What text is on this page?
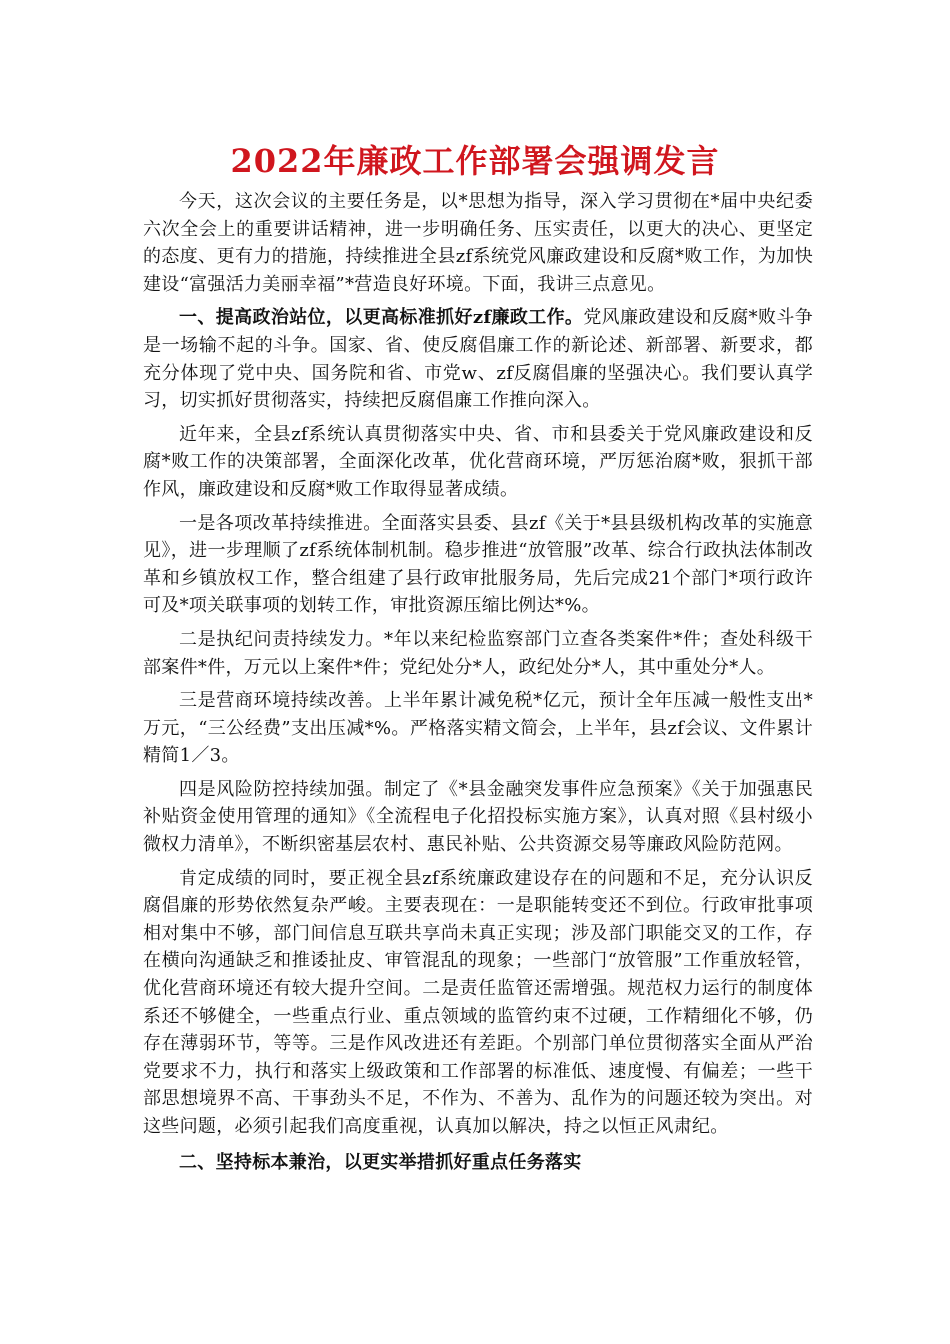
2022年廉政工作部署会强调发言

今天，这次会议的主要任务是，以*思想为指导，深入学习贯彻在*届中央纪委六次全会上的重要讲话精神，进一步明确任务、压实责任，以更大的决心、更坚定的态度、更有力的措施，持续推进全县zf系统党风廉政建设和反腐*败工作，为加快建设“富强活力美丽幸福”*营造良好环境。下面，我讲三点意见。

一、提高政治站位，以更高标准抓好zf廉政工作。党风廉政建设和反腐*败斗争是一场输不起的斗争。国家、省、使反腐倡廉工作的新论述、新部署、新要求，都充分体现了党中央、国务院和省、市党w、zf反腐倡廉的坚强决心。我们要认真学习，切实抓好贯彻落实，持续把反腐倡廉工作推向深入。

近年来，全县zf系统认真贯彻落实中央、省、市和县委关于党风廉政建设和反腐*败工作的决策部署，全面深化改革，优化营商环境，严厉惩治腐*败，狠抓干部作风，廉政建设和反腐*败工作取得显著成绩。

一是各项改革持续推进。全面落实县委、县zf《关于*县县级机构改革的实施意见》，进一步理顺了zf系统体制机制。稳步推进“放管服”改革、综合行政执法体制改革和乡镇放权工作，整合组建了县行政审批服务局，先后完成21个部门*项行政许可及*项关联事项的划转工作，审批资源压缩比例达*%。

二是执纪问责持续发力。*年以来纪检监察部门立查各类案件*件；查处科级干部案件*件，万元以上案件*件；党纪处分*人，政纪处分*人，其中重处分*人。

三是营商环境持续改善。上半年累计减免税*亿元，预计全年压减一般性支出*万元，“三公经费”支出压减*%。严格落实精文简会，上半年，县zf会议、文件累计精简1／3。

四是风险防控持续加强。制定了《*县金融突发事件应急预案》《关于加强惠民补贴资金使用管理的通知》《全流程电子化招投标实施方案》，认真对照《县村级小微权力清单》，不断织密基层农村、惠民补贴、公共资源交易等廉政风险防范网。

肯定成绩的同时，要正视全县zf系统廉政建设存在的问题和不足，充分认识反腐倡廉的形势依然复杂严峻。主要表现在：一是职能转变还不到位。行政审批事项相对集中不够，部门间信息互联共享尚未真正实现；涉及部门职能交叉的工作，存在横向沟通缺乏和推诿扯皮、审管混乱的现象；一些部门“放管服”工作重放轻管，优化营商环境还有较大提升空间。二是责任监管还需增强。规范权力运行的制度体系还不够健全，一些重点行业、重点领域的监管约束不过硬，工作精细化不够，仍存在薄弱环节，等等。三是作风改进还有差距。个别部门单位贯彻落实全面从严治党要求不力，执行和落实上级政策和工作部署的标准低、速度慢、有偏差；一些干部思想境界不高、干事劲头不足，不作为、不善为、乱作为的问题还较为突出。对这些问题，必须引起我们高度重视，认真加以解决，持之以恒正风肃纪。

二、坚持标本兼治，以更实举措抓好重点任务落实
